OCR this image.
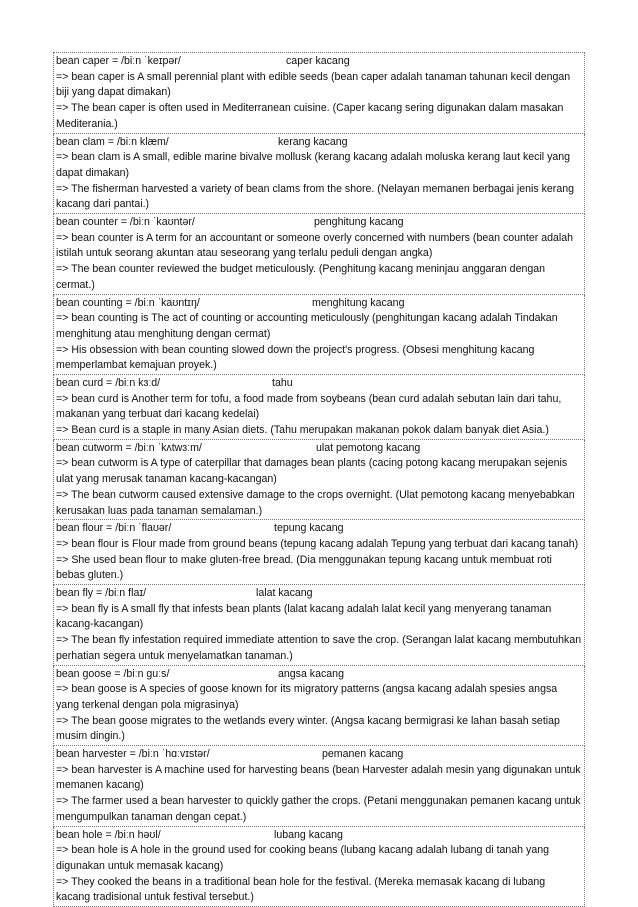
bean caper = /biːn ˈkeɪpər/	caper kacang
=> bean caper is A small perennial plant with edible seeds (bean caper adalah tanaman tahunan kecil dengan biji yang dapat dimakan)
=> The bean caper is often used in Mediterranean cuisine. (Caper kacang sering digunakan dalam masakan Mediterania.)
bean clam = /biːn klæm/	kerang kacang
=> bean clam is A small, edible marine bivalve mollusk (kerang kacang adalah moluska kerang laut kecil yang dapat dimakan)
=> The fisherman harvested a variety of bean clams from the shore. (Nelayan memanen berbagai jenis kerang kacang dari pantai.)
bean counter = /biːn ˈkaʊntər/	penghitung kacang
=> bean counter is A term for an accountant or someone overly concerned with numbers (bean counter adalah istilah untuk seorang akuntan atau seseorang yang terlalu peduli dengan angka)
=> The bean counter reviewed the budget meticulously. (Penghitung kacang meninjau anggaran dengan cermat.)
bean counting = /biːn ˈkaʊntɪŋ/	menghitung kacang
=> bean counting is The act of counting or accounting meticulously (penghitungan kacang adalah Tindakan menghitung atau menghitung dengan cermat)
=> His obsession with bean counting slowed down the project's progress. (Obsesi menghitung kacang memperlambat kemajuan proyek.)
bean curd = /biːn kɜːd/	tahu
=> bean curd is Another term for tofu, a food made from soybeans (bean curd adalah sebutan lain dari tahu, makanan yang terbuat dari kacang kedelai)
=> Bean curd is a staple in many Asian diets. (Tahu merupakan makanan pokok dalam banyak diet Asia.)
bean cutworm = /biːn ˈkʌtwɜːm/	ulat pemotong kacang
=> bean cutworm is A type of caterpillar that damages bean plants (cacing potong kacang merupakan sejenis ulat yang merusak tanaman kacang-kacangan)
=> The bean cutworm caused extensive damage to the crops overnight. (Ulat pemotong kacang menyebabkan kerusakan luas pada tanaman semalaman.)
bean flour = /biːn ˈflaʊər/	tepung kacang
=> bean flour is Flour made from ground beans (tepung kacang adalah Tepung yang terbuat dari kacang tanah)
=> She used bean flour to make gluten-free bread. (Dia menggunakan tepung kacang untuk membuat roti bebas gluten.)
bean fly = /biːn flaɪ/	lalat kacang
=> bean fly is A small fly that infests bean plants (lalat kacang adalah lalat kecil yang menyerang tanaman kacang-kacangan)
=> The bean fly infestation required immediate attention to save the crop. (Serangan lalat kacang membutuhkan perhatian segera untuk menyelamatkan tanaman.)
bean goose = /biːn ɡuːs/	angsa kacang
=> bean goose is A species of goose known for its migratory patterns (angsa kacang adalah spesies angsa yang terkenal dengan pola migrasinya)
=> The bean goose migrates to the wetlands every winter. (Angsa kacang bermigrasi ke lahan basah setiap musim dingin.)
bean harvester = /biːn ˈhɑːvɪstər/	pemanen kacang
=> bean harvester is A machine used for harvesting beans (bean Harvester adalah mesin yang digunakan untuk memanen kacang)
=> The farmer used a bean harvester to quickly gather the crops. (Petani menggunakan pemanen kacang untuk mengumpulkan tanaman dengan cepat.)
bean hole = /biːn həʊl/	lubang kacang
=> bean hole is A hole in the ground used for cooking beans (lubang kacang adalah lubang di tanah yang digunakan untuk memasak kacang)
=> They cooked the beans in a traditional bean hole for the festival. (Mereka memasak kacang di lubang kacang tradisional untuk festival tersebut.)
